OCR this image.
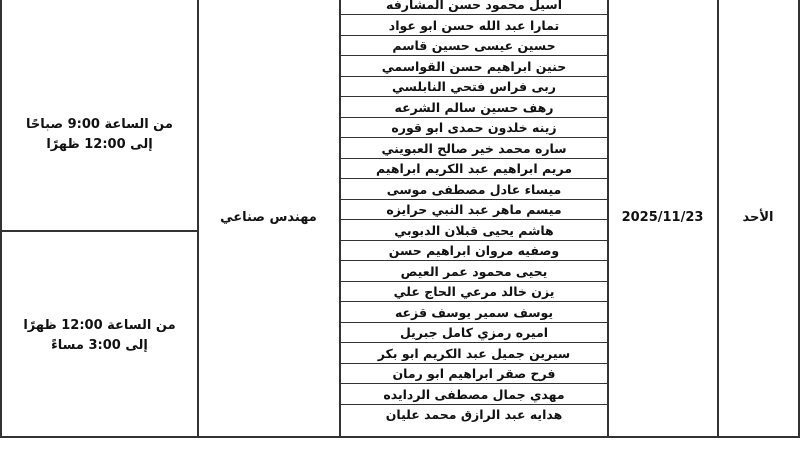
الأحد
2025/11/23
مهندس صناعي
من الساعة 9:00 صباحًا
إلى 12:00 ظهرًا
من الساعة 12:00 ظهرًا
إلى 3:00 مساءً
اسيل محمود حسن المشارفه
تمارا عبد الله حسن ابو عواد
حسين عيسى حسين قاسم
حنين ابراهيم حسن القواسمي
ربى فراس فتحي النابلسي
رهف حسين سالم الشرعه
زينه خلدون حمدى ابو قوره
ساره محمد خير صالح العبويني
مريم ابراهيم عبد الكريم ابراهيم
ميساء عادل مصطفى موسى
ميسم ماهر عبد النبي حرايزه
هاشم يحيى قبلان الدبوبي
وصفيه مروان ابراهيم حسن
يحيى محمود عمر العيص
يزن خالد مرعي الحاج علي
يوسف سمير يوسف قزعه
اميره رمزي كامل جبريل
سيرين جميل عبد الكريم ابو بكر
فرح صقر ابراهيم ابو رمان
مهدي جمال مصطفى الردايده
هدايه عبد الرازق محمد عليان
